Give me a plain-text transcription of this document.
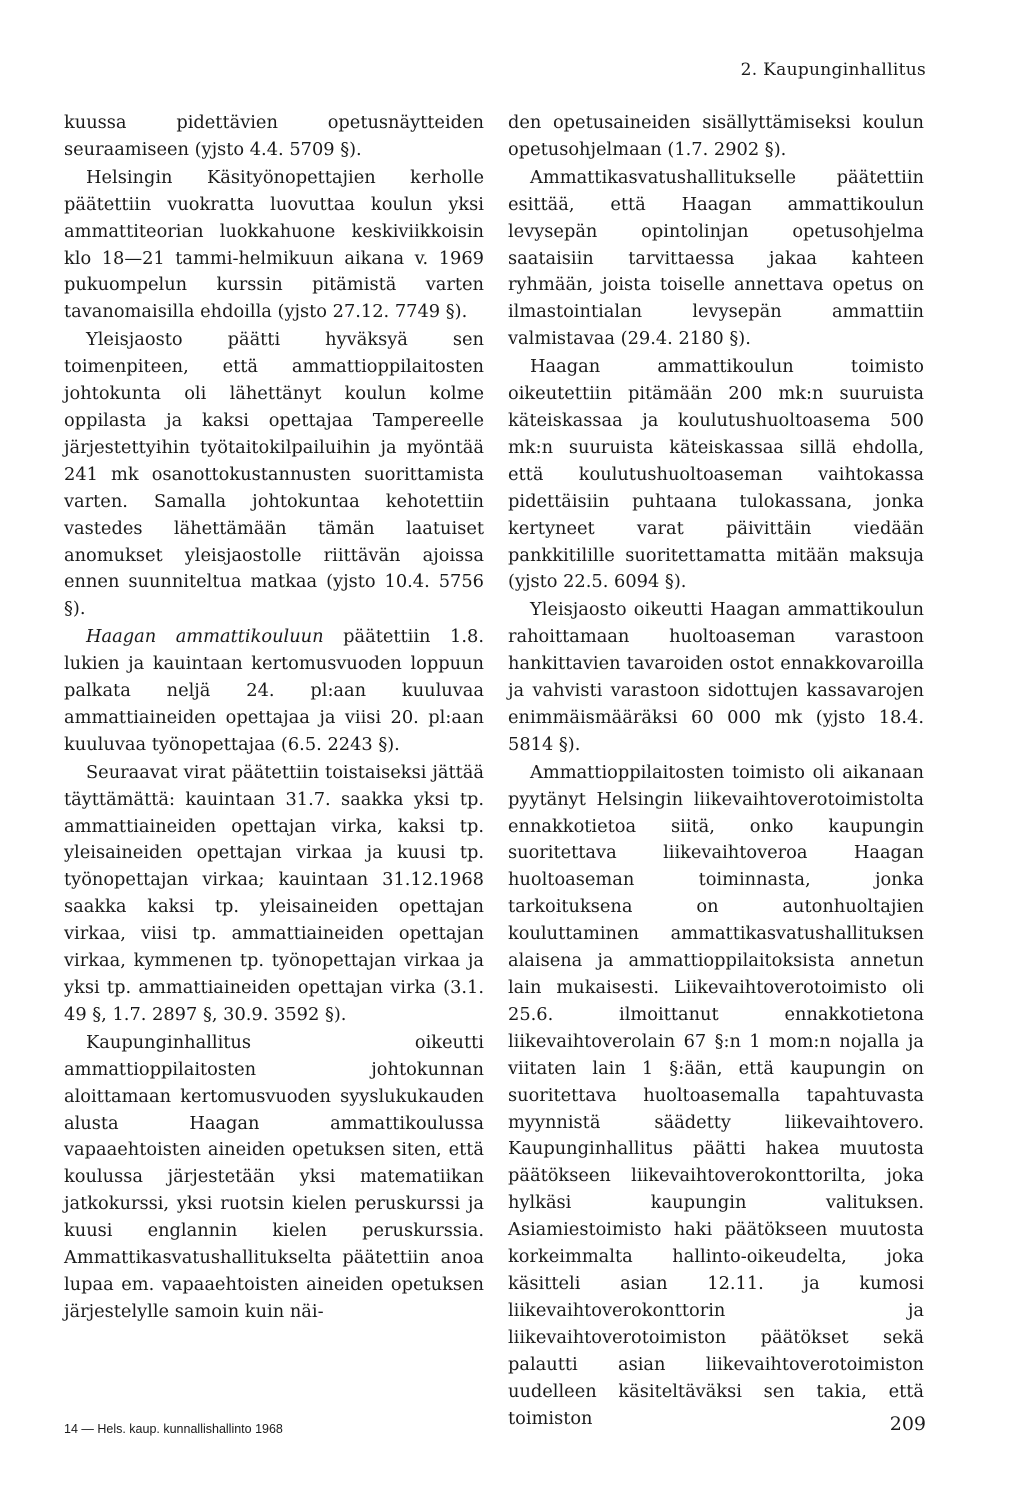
2. Kaupunginhallitus

kuussa pidettävien opetusnäytteiden seuraamiseen (yjsto 4.4. 5709 §).

Helsingin Käsityönopettajien kerholle päätettiin vuokratta luovuttaa koulun yksi ammattiteorian luokkahuone keskiviikkoisin klo 18—21 tammi-helmikuun aikana v. 1969 pukuompelun kurssin pitämistä varten tavanomaisilla ehdoilla (yjsto 27.12. 7749 §).

Yleisjaosto päätti hyväksyä sen toimenpiteen, että ammattioppilaitosten johtokunta oli lähettänyt koulun kolme oppilasta ja kaksi opettajaa Tampereelle järjestettyihin työtaitokilpailuihin ja myöntää 241 mk osanottokustannusten suorittamista varten. Samalla johtokuntaa kehotettiin vastedes lähettämään tämän laatuiset anomukset yleisjaostolle riittävän ajoissa ennen suunniteltua matkaa (yjsto 10.4. 5756 §).

Haagan ammattikouluun päätettiin 1.8. lukien ja kauintaan kertomusvuoden loppuun palkata neljä 24. pl:aan kuuluvaa ammattiaineiden opettajaa ja viisi 20. pl:aan kuuluvaa työnopettajaa (6.5. 2243 §).

Seuraavat virat päätettiin toistaiseksi jättää täyttämättä: kauintaan 31.7. saakka yksi tp. ammattiaineiden opettajan virka, kaksi tp. yleisaineiden opettajan virkaa ja kuusi tp. työnopettajan virkaa; kauintaan 31.12.1968 saakka kaksi tp. yleisaineiden opettajan virkaa, viisi tp. ammattiaineiden opettajan virkaa, kymmenen tp. työnopettajan virkaa ja yksi tp. ammattiaineiden opettajan virka (3.1. 49 §, 1.7. 2897 §, 30.9. 3592 §).

Kaupunginhallitus oikeutti ammattioppilaitosten johtokunnan aloittamaan kertomusvuoden syyslukukauden alusta Haagan ammattikoulussa vapaaehtoisten aineiden opetuksen siten, että koulussa järjestetään yksi matematiikan jatkokurssi, yksi ruotsin kielen peruskurssi ja kuusi englannin kielen peruskurssia. Ammattikasvatushallitukselta päätettiin anoa lupaa em. vapaaehtoisten aineiden opetuksen järjestelylle samoin kuin näi-

den opetusaineiden sisällyttämiseksi koulun opetusohjelmaan (1.7. 2902 §).

Ammattikasvatushallitukselle päätettiin esittää, että Haagan ammattikoulun levysepän opintolinjan opetusohjelma saataisiin tarvittaessa jakaa kahteen ryhmään, joista toiselle annettava opetus on ilmastointialan levysepän ammattiin valmistavaa (29.4. 2180 §).

Haagan ammattikoulun toimisto oikeutettiin pitämään 200 mk:n suuruista käteiskassaa ja koulutushuoltoasema 500 mk:n suuruista käteiskassaa sillä ehdolla, että koulutushuoltoaseman vaihtokassa pidettäisiin puhtaana tulokassana, jonka kertyneet varat päivittäin viedään pankkitilille suoritettamatta mitään maksuja (yjsto 22.5. 6094 §).

Yleisjaosto oikeutti Haagan ammattikoulun rahoittamaan huoltoaseman varastoon hankittavien tavaroiden ostot ennakkovaroilla ja vahvisti varastoon sidottujen kassavarojen enimmäismääräksi 60 000 mk (yjsto 18.4. 5814 §).

Ammattioppilaitosten toimisto oli aikanaan pyytänyt Helsingin liikevaihtoverotoimistolta ennakkotietoa siitä, onko kaupungin suoritettava liikevaihtoveroa Haagan huoltoaseman toiminnasta, jonka tarkoituksena on autonhuoltajien kouluttaminen ammattikasvatushallituksen alaisena ja ammattioppilaitoksista annetun lain mukaisesti. Liikevaihtoverotoimisto oli 25.6. ilmoittanut ennakkotietona liikevaihtoverolain 67 §:n 1 mom:n nojalla ja viitaten lain 1 §:ään, että kaupungin on suoritettava huoltoasemalla tapahtuvasta myynnistä säädetty liikevaihtovero. Kaupunginhallitus päätti hakea muutosta päätökseen liikevaihtoverokonttorilta, joka hylkäsi kaupungin valituksen. Asiamiestoimisto haki päätökseen muutosta korkeimmalta hallinto-oikeudelta, joka käsitteli asian 12.11. ja kumosi liikevaihtoverokonttorin ja liikevaihtoverotoimiston päätökset sekä palautti asian liikevaihtoverotoimiston uudelleen käsiteltäväksi sen takia, että toimiston

14 — Hels. kaup. kunnallishallinto 1968	209
